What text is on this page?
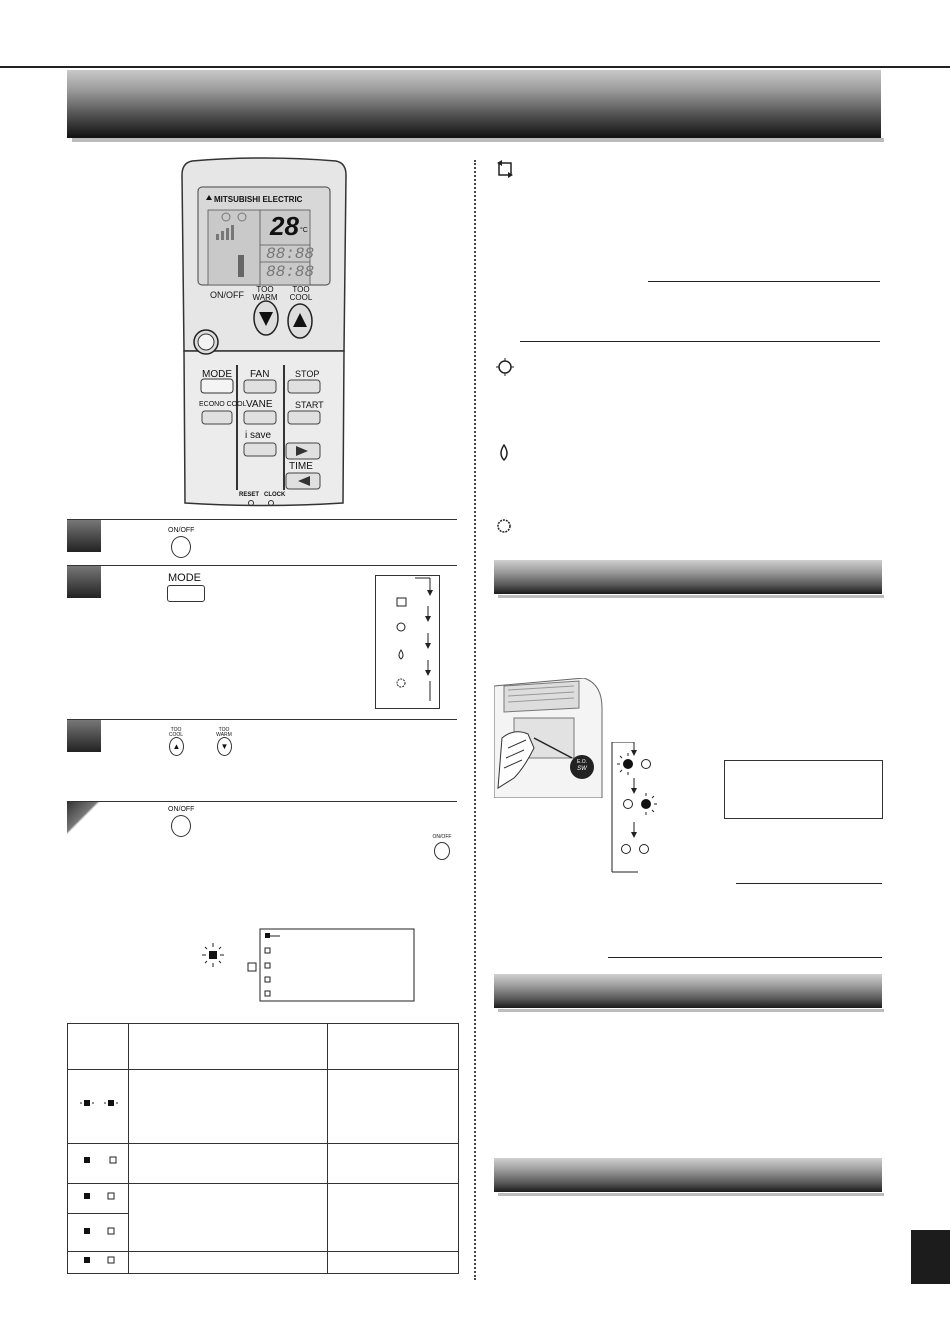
MITSUBISHI ELECTRIC
28 °C
88:88
88:88
ON/OFF
TOO WARM
TOO COOL
MODE FAN	STOP
ECONO COOL VANE	START
i save
TIME
RESET CLOCK
ON/OFF
MODE
TOO COOL
▲
TOO WARM
▼
ON/OFF
ON/OFF

E.O.
SW
